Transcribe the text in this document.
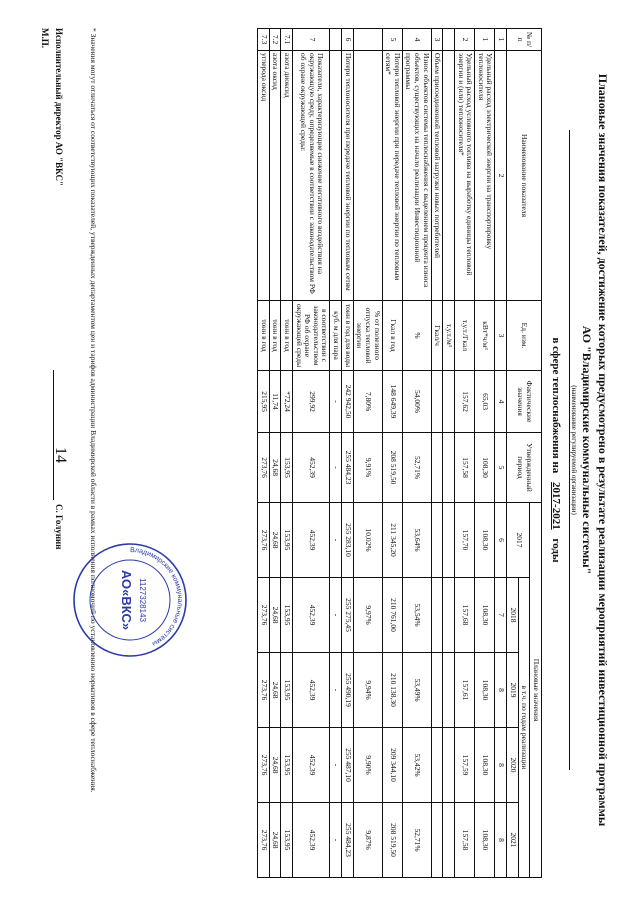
14	Плановые значения показателей, достижение которых предусмотрено в результате реализации мероприятий инвестиционной программы
АО "Владимирские коммунальные системы"
(наименование регулируемой организации)
в сфере теплоснабжения на 2017-2021 годы
№ п/п	Наименование показателя	Ед. изм.	Фактические значения	Утвержденный период	Плановые значения				
					2017	в т.ч. по годам реализации			
						2018	2019	2020	2021
1	2	3	4	5	6	7	8	8	8
1	Удельный расход электрической энергии на транспортировку теплоносителя	кВт*ч/м³	65,03	108,30	108,30	108,30	108,30	108,30	108,30
2	Удельный расход условного топлива на выработку единицы тепловой энергии и (или) теплоносителя*	т.у.т./Гкал	157,62	157,58	157,70	157,68	157,61	157,59	157,58
		т.у.т./м³							
3	Объем присоединенной тепловой нагрузки новых потребителей	Гкал/ч							
4	Износ объектов системы теплоснабжения с выделением процента износа объектов, существующих на начало реализации Инвестиционной программы	%	54,00%	52,71%	53,64%	53,54%	53,49%	53,42%	52,71%
5	Потери тепловой энергии при передаче тепловой энергии по тепловым сетям*	Гкал в год	148 649,39	208 519,50	211 345,20	210 761,00	210 138,30	209 344,10	208 519,50
		% от полезного отпуска тепловой энергии	7,80%	9,91%	10,02%	9,97%	9,94%	9,90%	9,87%
6	Потери теплоносителя при передаче тепловой энергии по тепловым сетям	тонн в год для воды	242 942,50	255 484,23	255 283,10	255 275,45	255 490,19	255 487,10	255 484,23
		куб. м для пара	-	-	-	-	-	-	-
7	Показатели, характеризующие снижение негативного воздействия на окружающую среду, определяемые в соответствии с законодательством РФ об охране окружающей среды:	в соответствии с законодательством РФ об охране окружающей среды	299,92	452,39	452,39	452,39	452,39	452,39	452,39
7.1	азота диоксид	тонн в год	*72,24	153,95	153,95	153,95	153,95	153,95	153,95
7.2	азота оксид	тонн в год	11,74	24,68	24,68	24,68	24,68	24,68	24,68
7.3	углерода оксид	тонн в год	215,95	273,76	273,76	273,76	273,76	273,76	273,76
* Значения могут отличаться от соответствующих показателей, утвержденных департаментом цен и тарифов администрации Владимирской области в рамках исполнения полномочий по установлению нормативов в сфере теплоснабжения.
Исполнительный директор АО "ВКС"
М.П.
С. Голунин
Владимирские коммунальные системы
1127328143
АО«ВКС»
